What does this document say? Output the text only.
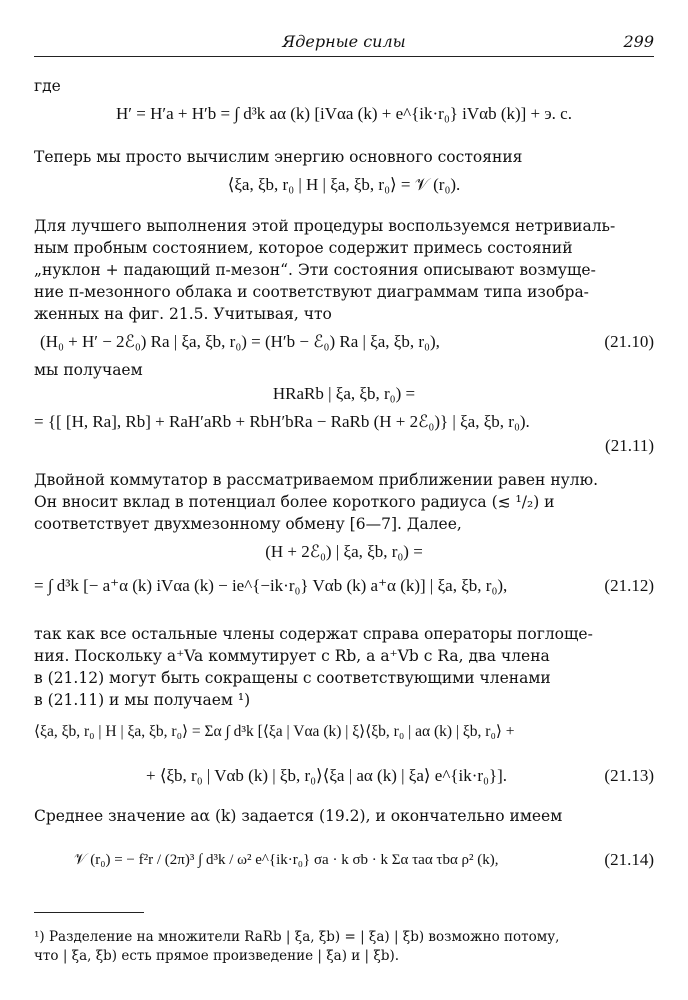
Ядерные силы	299
где
H′ = H′a + H′b = ∫ d³k aα (k) [iVαa (k) + e^{ik·r₀} iVαb (k)] + э. с.
Теперь мы просто вычислим энергию основного состояния
⟨ξa, ξb, r₀ | H | ξa, ξb, r₀⟩ = 𝒱 (r₀).
Для лучшего выполнения этой процедуры воспользуемся нетривиаль-
ным пробным состоянием, которое содержит примесь состояний
„нуклон + падающий π-мезон“. Эти состояния описывают возмуще-
ние π-мезонного облака и соответствуют диаграммам типа изобра-
женных на фиг. 21.5. Учитывая, что
(H₀ + H′ − 2ℰ₀) Ra | ξa, ξb, r₀) = (H′b − ℰ₀) Ra | ξa, ξb, r₀),	(21.10)
мы получаем
HRaRb | ξa, ξb, r₀) =
= {[ [H, Ra], Rb] + RaH′aRb + RbH′bRa − RaRb (H + 2ℰ₀)} | ξa, ξb, r₀).
(21.11)
Двойной коммутатор в рассматриваемом приближении равен нулю.
Он вносит вклад в потенциал более короткого радиуса (≲ ¹/₂) и
соответствует двухмезонному обмену [6—7]. Далее,
(H + 2ℰ₀) | ξa, ξb, r₀) =
= ∫ d³k [− a⁺α (k) iVαa (k) − ie^{−ik·r₀} Vαb (k) a⁺α (k)] | ξa, ξb, r₀),	(21.12)
так как все остальные члены содержат справа операторы поглоще-
ния. Поскольку a⁺Va коммутирует с Rb, а a⁺Vb с Ra, два члена
в (21.12) могут быть сокращены с соответствующими членами
в (21.11) и мы получаем ¹)
⟨ξa, ξb, r₀ | H | ξa, ξb, r₀⟩ = Σα ∫ d³k [⟨ξa | Vαa (k) | ξ⟩⟨ξb, r₀ | aα (k) | ξb, r₀⟩ +
+ ⟨ξb, r₀ | Vαb (k) | ξb, r₀⟩⟨ξa | aα (k) | ξa⟩ e^{ik·r₀}].	(21.13)
Среднее значение aα (k) задается (19.2), и окончательно имеем
𝒱 (r₀) = − f²r / (2π)³ ∫ d³k / ω² e^{ik·r₀} σa · k σb · k Σα τaα τbα ρ² (k),	(21.14)
¹) Разделение на множители RaRb | ξa, ξb) = | ξa) | ξb) возможно потому,
что | ξa, ξb) есть прямое произведение | ξa) и | ξb).
